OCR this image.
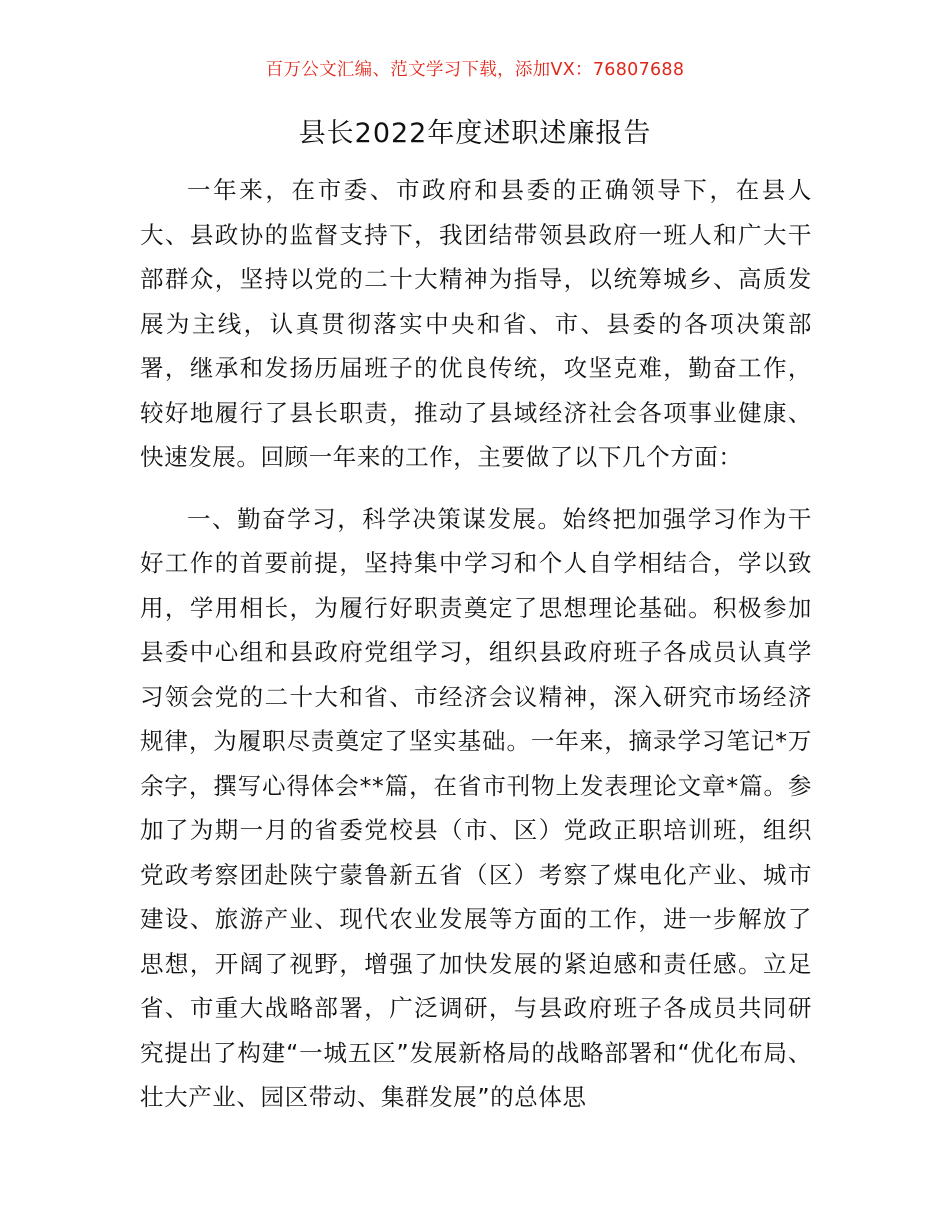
百万公文汇编、范文学习下载，添加VX：76807688
县长2022年度述职述廉报告

一年来，在市委、市政府和县委的正确领导下，在县人大、县政协的监督支持下，我团结带领县政府一班人和广大干部群众，坚持以党的二十大精神为指导，以统筹城乡、高质发展为主线，认真贯彻落实中央和省、市、县委的各项决策部署，继承和发扬历届班子的优良传统，攻坚克难，勤奋工作，较好地履行了县长职责，推动了县域经济社会各项事业健康、快速发展。回顾一年来的工作，主要做了以下几个方面：

一、勤奋学习，科学决策谋发展。始终把加强学习作为干好工作的首要前提，坚持集中学习和个人自学相结合，学以致用，学用相长，为履行好职责奠定了思想理论基础。积极参加县委中心组和县政府党组学习，组织县政府班子各成员认真学习领会党的二十大和省、市经济会议精神，深入研究市场经济规律，为履职尽责奠定了坚实基础。一年来，摘录学习笔记*万余字，撰写心得体会**篇，在省市刊物上发表理论文章*篇。参加了为期一月的省委党校县（市、区）党政正职培训班，组织党政考察团赴陕宁蒙鲁新五省（区）考察了煤电化产业、城市建设、旅游产业、现代农业发展等方面的工作，进一步解放了思想，开阔了视野，增强了加快发展的紧迫感和责任感。立足省、市重大战略部署，广泛调研，与县政府班子各成员共同研究提出了构建“一城五区”发展新格局的战略部署和“优化布局、壮大产业、园区带动、集群发展”的总体思
